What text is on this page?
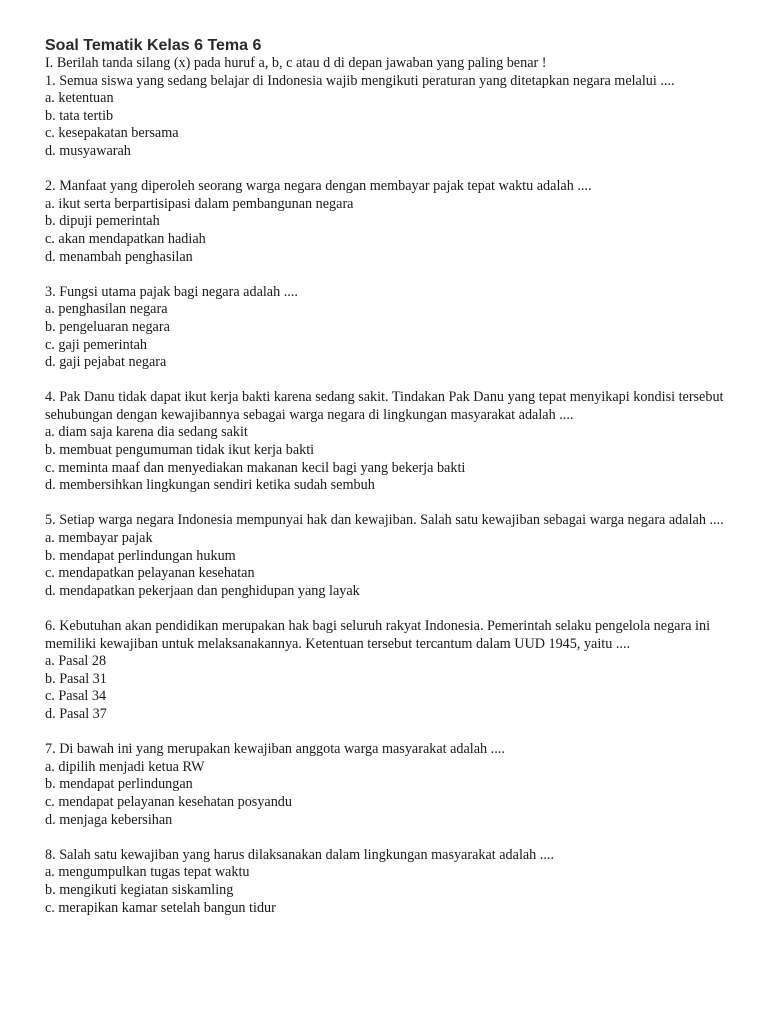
Soal Tematik Kelas 6 Tema 6

I. Berilah tanda silang (x) pada huruf a, b, c atau d di depan jawaban yang paling benar !

1. Semua siswa yang sedang belajar di Indonesia wajib mengikuti peraturan yang ditetapkan negara melalui ....

a. ketentuan

b. tata tertib

c. kesepakatan bersama

d. musyawarah

2. Manfaat yang diperoleh seorang warga negara dengan membayar pajak tepat waktu adalah ....

a. ikut serta berpartisipasi dalam pembangunan negara

b. dipuji pemerintah

c. akan mendapatkan hadiah

d. menambah penghasilan

3. Fungsi utama pajak bagi negara adalah ....

a. penghasilan negara

b. pengeluaran negara

c. gaji pemerintah

d. gaji pejabat negara

4. Pak Danu tidak dapat ikut kerja bakti karena sedang sakit. Tindakan Pak Danu yang tepat menyikapi kondisi tersebut sehubungan dengan kewajibannya sebagai warga negara di lingkungan masyarakat adalah ....

a. diam saja karena dia sedang sakit

b. membuat pengumuman tidak ikut kerja bakti

c. meminta maaf dan menyediakan makanan kecil bagi yang bekerja bakti

d. membersihkan lingkungan sendiri ketika sudah sembuh

5. Setiap warga negara Indonesia mempunyai hak dan kewajiban. Salah satu kewajiban sebagai warga negara adalah ....

a. membayar pajak

b. mendapat perlindungan hukum

c. mendapatkan pelayanan kesehatan

d. mendapatkan pekerjaan dan penghidupan yang layak

6. Kebutuhan akan pendidikan merupakan hak bagi seluruh rakyat Indonesia. Pemerintah selaku pengelola negara ini memiliki kewajiban untuk melaksanakannya. Ketentuan tersebut tercantum dalam UUD 1945, yaitu ....

a. Pasal 28

b. Pasal 31

c. Pasal 34

d. Pasal 37

7. Di bawah ini yang merupakan kewajiban anggota warga masyarakat adalah ....

a. dipilih menjadi ketua RW

b. mendapat perlindungan

c. mendapat pelayanan kesehatan posyandu

d. menjaga kebersihan

8. Salah satu kewajiban yang harus dilaksanakan dalam lingkungan masyarakat adalah ....

a. mengumpulkan tugas tepat waktu

b. mengikuti kegiatan siskamling

c. merapikan kamar setelah bangun tidur
